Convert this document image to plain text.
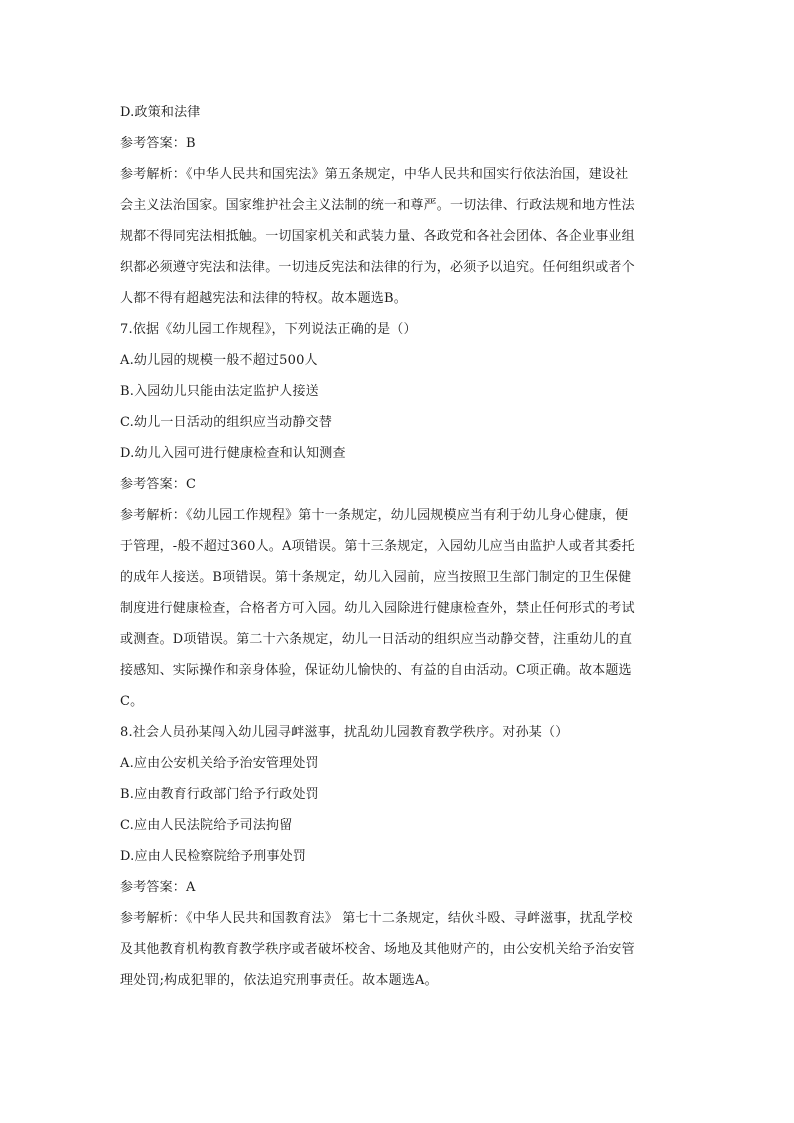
D.政策和法律
参考答案：B
参考解析：《中华人民共和国宪法》第五条规定，中华人民共和国实行依法治国，建设社
会主义法治国家。国家维护社会主义法制的统一和尊严。一切法律、行政法规和地方性法
规都不得同宪法相抵触。一切国家机关和武装力量、各政党和各社会团体、各企业事业组
织都必须遵守宪法和法律。一切违反宪法和法律的行为，必须予以追究。任何组织或者个
人都不得有超越宪法和法律的特权。故本题选B。
7.依据《幼儿园工作规程》，下列说法正确的是（）
A.幼儿园的规模一般不超过500人
B.入园幼儿只能由法定监护人接送
C.幼儿一日活动的组织应当动静交替
D.幼儿入园可进行健康检查和认知测查
参考答案：C
参考解析：《幼儿园工作规程》第十一条规定，幼儿园规模应当有利于幼儿身心健康，便
于管理，-般不超过360人。A项错误。第十三条规定，入园幼儿应当由监护人或者其委托
的成年人接送。B项错误。第十条规定，幼儿入园前，应当按照卫生部门制定的卫生保健
制度进行健康检查，合格者方可入园。幼儿入园除进行健康检查外，禁止任何形式的考试
或测查。D项错误。第二十六条规定，幼儿一日活动的组织应当动静交替，注重幼儿的直
接感知、实际操作和亲身体验，保证幼儿愉快的、有益的自由活动。C项正确。故本题选
C。
8.社会人员孙某闯入幼儿园寻衅滋事，扰乱幼儿园教育教学秩序。对孙某（）
A.应由公安机关给予治安管理处罚
B.应由教育行政部门给予行政处罚
C.应由人民法院给予司法拘留
D.应由人民检察院给予刑事处罚
参考答案：A
参考解析：《中华人民共和国教育法》 第七十二条规定，结伙斗殴、寻衅滋事，扰乱学校
及其他教育机构教育教学秩序或者破坏校舍、场地及其他财产的，由公安机关给予治安管
理处罚;构成犯罪的，依法追究刑事责任。故本题选A。
